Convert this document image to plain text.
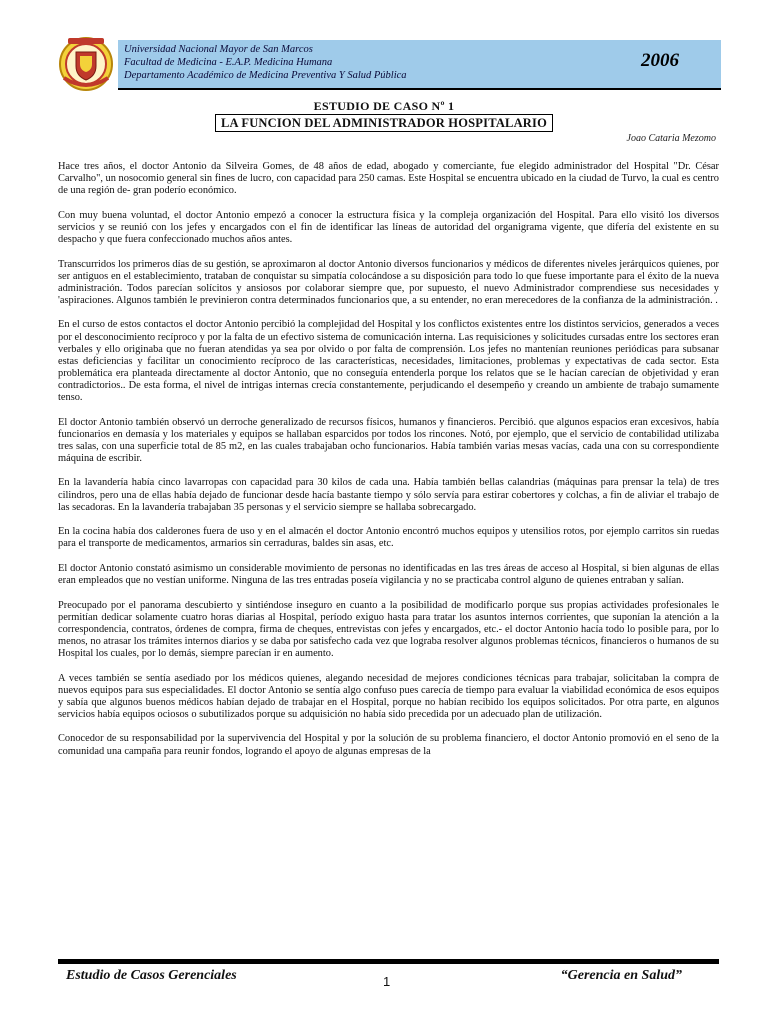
Universidad Nacional Mayor de San Marcos
Facultad de Medicina - E.A.P. Medicina Humana
Departamento Académico de Medicina Preventiva Y Salud Pública
2006
ESTUDIO DE CASO Nº 1
LA FUNCION DEL ADMINISTRADOR HOSPITALARIO
Joao Cataria Mezomo

Hace tres años, el doctor Antonio da Silveira Gomes, de 48 años de edad, abogado y comerciante, fue elegido administrador del Hospital "Dr. César Carvalho", un nosocomio general sin fines de lucro, con capacidad para 250 camas. Este Hospital se encuentra ubicado en la ciudad de Turvo, la cual es centro de una región de- gran poderío económico.

Con muy buena voluntad, el doctor Antonio empezó a conocer la estructura física y la compleja organización del Hospital. Para ello visitó los diversos servicios y se reunió con los jefes y encargados con el fin de identificar las líneas de autoridad del organigrama vigente, que difería del existente en su despacho y que fuera confeccionado muchos años antes.

Transcurridos los primeros días de su gestión, se aproximaron al doctor Antonio diversos funcionarios y médicos de diferentes niveles jerárquicos quienes, por ser antiguos en el establecimiento, trataban de conquistar su simpatía colocándose a su disposición para todo lo que fuese importante para el éxito de la nueva administración. Todos parecían solícitos y ansiosos por colaborar siempre que, por supuesto, el nuevo Administrador comprendiese sus necesidades y 'aspiraciones. Algunos también le previnieron contra determinados funcionarios que, a su entender, no eran merecedores de la confianza de la administración. .

En el curso de estos contactos el doctor Antonio percibió la complejidad del Hospital y los conflictos existentes entre los distintos servicios, generados a veces por el desconocimiento recíproco y por la falta de un efectivo sistema de comunicación interna. Las requisiciones y solicitudes cursadas entre los sectores eran verbales y ello originaba que no fueran atendidas ya sea por olvido o por falta de comprensión. Los jefes no mantenían reuniones periódicas para subsanar estas deficiencias y facilitar un conocimiento recíproco de las características, necesidades, limitaciones, problemas y expectativas de cada sector. Esta problemática era planteada directamente al doctor Antonio, que no conseguía entenderla porque los relatos que se le hacían carecían de objetividad y eran contradictorios.. De esta forma, el nivel de intrigas internas crecía constantemente, perjudicando el desempeño y creando un ambiente de trabajo sumamente tenso.

El doctor Antonio también observó un derroche generalizado de recursos físicos, humanos y financieros. Percibió. que algunos espacios eran excesivos, había funcionarios en demasía y los materiales y equipos se hallaban esparcidos por todos los rincones. Notó, por ejemplo, que el servicio de contabilidad utilizaba tres salas, con una superficie total de 85 m2, en las cuales trabajaban ocho funcionarios. Había también varias mesas vacías, cada una con su correspondiente máquina de escribir.

En la lavandería había cinco lavarropas con capacidad para 30 kilos de cada una. Había también bellas calandrias (máquinas para prensar la tela) de tres cilindros, pero una de ellas había dejado de funcionar desde hacía bastante tiempo y sólo servía para estirar cobertores y colchas, a fin de aliviar el trabajo de las secadoras. En la lavandería trabajaban 35 personas y el servicio siempre se hallaba sobrecargado.

En la cocina había dos calderones fuera de uso y en el almacén el doctor Antonio encontró muchos equipos y utensilios rotos, por ejemplo carritos sin ruedas para el transporte de medicamentos, armarios sin cerraduras, baldes sin asas, etc.

El doctor Antonio constató asimismo un considerable movimiento de personas no identificadas en las tres áreas de acceso al Hospital, si bien algunas de ellas eran empleados que no vestían uniforme. Ninguna de las tres entradas poseía vigilancia y no se practicaba control alguno de quienes entraban y salían.

Preocupado por el panorama descubierto y sintiéndose inseguro en cuanto a la posibilidad de modificarlo porque sus propias actividades profesionales le permitían dedicar solamente cuatro horas diarias al Hospital, período exiguo hasta para tratar los asuntos internos corrientes, que suponían la atención a la correspondencia, contratos, órdenes de compra, firma de cheques, entrevistas con jefes y encargados, etc.- el doctor Antonio hacía todo lo posible para, por lo menos, no atrasar los trámites internos diarios y se daba por satisfecho cada vez que lograba resolver algunos problemas técnicos, financieros o humanos de su Hospital los cuales, por lo demás, siempre parecían ir en aumento.

A veces también se sentía asediado por los médicos quienes, alegando necesidad de mejores condiciones técnicas para trabajar, solicitaban la compra de nuevos equipos para sus especialidades. El doctor Antonio se sentía algo confuso pues carecía de tiempo para evaluar la viabilidad económica de esos equipos y sabía que algunos buenos médicos habían dejado de trabajar en el Hospital, porque no habían recibido los equipos solicitados. Por otra parte, en algunos servicios había equipos ociosos o subutilizados porque su adquisición no había sido precedida por un adecuado plan de utilización.

Conocedor de su responsabilidad por la supervivencia del Hospital y por la solución de su problema financiero, el doctor Antonio promovió en el seno de la comunidad una campaña para reunir fondos, logrando el apoyo de algunas empresas de la

Estudio de Casos Gerenciales	1	“Gerencia en Salud”
